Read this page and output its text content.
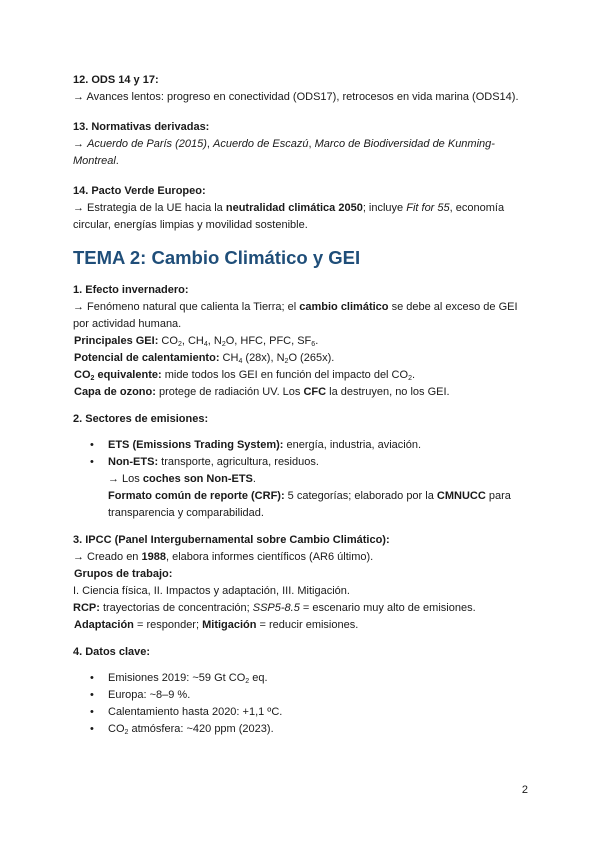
12. ODS 14 y 17:

→ Avances lentos: progreso en conectividad (ODS17), retrocesos en vida marina (ODS14).

13. Normativas derivadas:

→ Acuerdo de París (2015), Acuerdo de Escazú, Marco de Biodiversidad de Kunming-Montreal.

14. Pacto Verde Europeo:

→ Estrategia de la UE hacia la neutralidad climática 2050; incluye Fit for 55, economía circular, energías limpias y movilidad sostenible.

TEMA 2: Cambio Climático y GEI

1. Efecto invernadero:

→ Fenómeno natural que calienta la Tierra; el cambio climático se debe al exceso de GEI por actividad humana.

Principales GEI: $CO_2$, $CH_4$, $N_2O$, HFC, PFC, $SF_6$.

Potencial de calentamiento: $CH_4$ (28x), $N_2O$ (265x).

$CO_2$ equivalente: mide todos los GEI en función del impacto del $CO_2$.

Capa de ozono: protege de radiación UV. Los CFC la destruyen, no los GEI.

2. Sectores de emisiones:

• ETS (Emissions Trading System): energía, industria, aviación.
• Non-ETS: transporte, agricultura, residuos.

→ Los coches son Non-ETS.

Formato común de reporte (CRF): 5 categorías; elaborado por la CMNUCC para transparencia y comparabilidad.

3. IPCC (Panel Intergubernamental sobre Cambio Climático):

→ Creado en 1988, elabora informes científicos (AR6 último).

Grupos de trabajo:

I. Ciencia física, II. Impactos y adaptación, III. Mitigación.

RCP: trayectorias de concentración; SSP5-8.5 = escenario muy alto de emisiones.

Adaptación = responder; Mitigación = reducir emisiones.

4. Datos clave:

• Emisiones 2019: ~59 Gt $CO_2$ eq.
• Europa: ~8–9 %.
• Calentamiento hasta 2020: +1,1 ºC.
• $CO_2$ atmósfera: ~420 ppm (2023).
2
